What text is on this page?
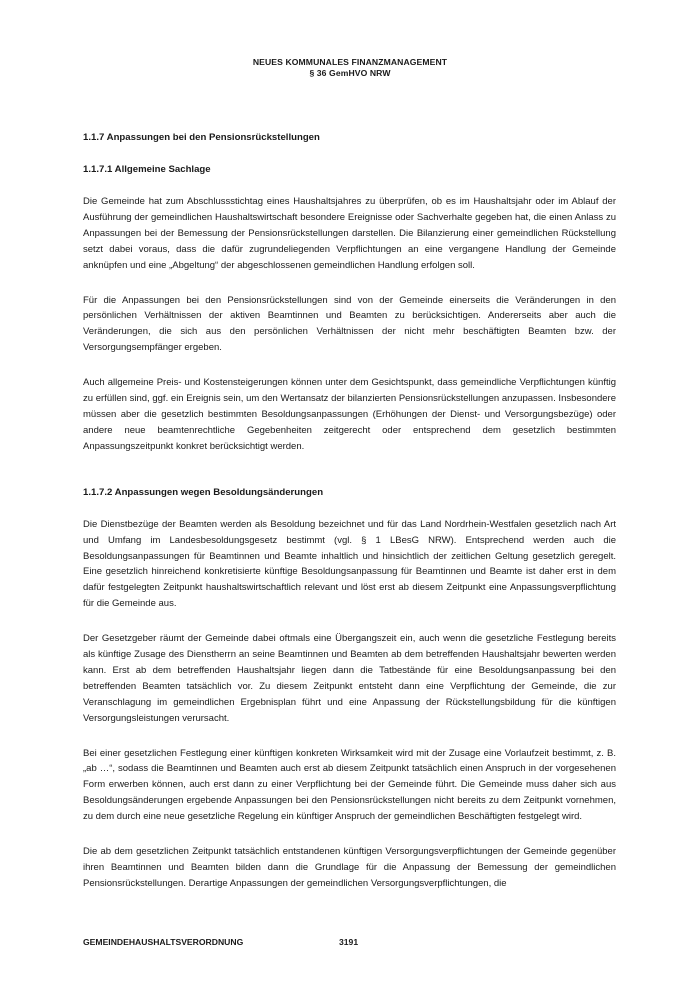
NEUES KOMMUNALES FINANZMANAGEMENT
§ 36 GemHVO NRW
1.1.7 Anpassungen bei den Pensionsrückstellungen
1.1.7.1 Allgemeine Sachlage

Die Gemeinde hat zum Abschlussstichtag eines Haushaltsjahres zu überprüfen, ob es im Haushaltsjahr oder im Ablauf der Ausführung der gemeindlichen Haushaltswirtschaft besondere Ereignisse oder Sachverhalte gegeben hat, die einen Anlass zu Anpassungen bei der Bemessung der Pensionsrückstellungen darstellen. Die Bilanzierung einer gemeindlichen Rückstellung setzt dabei voraus, dass die dafür zugrundeliegenden Verpflichtungen an eine vergangene Handlung der Gemeinde anknüpfen und eine „Abgeltung“ der abgeschlossenen gemeindlichen Handlung erfolgen soll.

Für die Anpassungen bei den Pensionsrückstellungen sind von der Gemeinde einerseits die Veränderungen in den persönlichen Verhältnissen der aktiven Beamtinnen und Beamten zu berücksichtigen. Andererseits aber auch die Veränderungen, die sich aus den persönlichen Verhältnissen der nicht mehr beschäftigten Beamten bzw. der Versorgungsempfänger ergeben.

Auch allgemeine Preis- und Kostensteigerungen können unter dem Gesichtspunkt, dass gemeindliche Verpflichtungen künftig zu erfüllen sind, ggf. ein Ereignis sein, um den Wertansatz der bilanzierten Pensionsrückstellungen anzupassen. Insbesondere müssen aber die gesetzlich bestimmten Besoldungsanpassungen (Erhöhungen der Dienst- und Versorgungsbezüge) oder andere neue beamtenrechtliche Gegebenheiten zeitgerecht oder entsprechend dem gesetzlich bestimmten Anpassungszeitpunkt konkret berücksichtigt werden.

1.1.7.2 Anpassungen wegen Besoldungsänderungen

Die Dienstbezüge der Beamten werden als Besoldung bezeichnet und für das Land Nordrhein-Westfalen gesetzlich nach Art und Umfang im Landesbesoldungsgesetz bestimmt (vgl. § 1 LBesG NRW). Entsprechend werden auch die Besoldungsanpassungen für Beamtinnen und Beamte inhaltlich und hinsichtlich der zeitlichen Geltung gesetzlich geregelt. Eine gesetzlich hinreichend konkretisierte künftige Besoldungsanpassung für Beamtinnen und Beamte ist daher erst in dem dafür festgelegten Zeitpunkt haushaltswirtschaftlich relevant und löst erst ab diesem Zeitpunkt eine Anpassungsverpflichtung für die Gemeinde aus.

Der Gesetzgeber räumt der Gemeinde dabei oftmals eine Übergangszeit ein, auch wenn die gesetzliche Festlegung bereits als künftige Zusage des Dienstherrn an seine Beamtinnen und Beamten ab dem betreffenden Haushaltsjahr bewerten werden kann. Erst ab dem betreffenden Haushaltsjahr liegen dann die Tatbestände für eine Besoldungsanpassung bei den betreffenden Beamten tatsächlich vor. Zu diesem Zeitpunkt entsteht dann eine Verpflichtung der Gemeinde, die zur Veranschlagung im gemeindlichen Ergebnisplan führt und eine Anpassung der Rückstellungsbildung für die künftigen Versorgungsleistungen verursacht.

Bei einer gesetzlichen Festlegung einer künftigen konkreten Wirksamkeit wird mit der Zusage eine Vorlaufzeit bestimmt, z. B. „ab …“, sodass die Beamtinnen und Beamten auch erst ab diesem Zeitpunkt tatsächlich einen Anspruch in der vorgesehenen Form erwerben können, auch erst dann zu einer Verpflichtung bei der Gemeinde führt. Die Gemeinde muss daher sich aus Besoldungsänderungen ergebende Anpassungen bei den Pensionsrückstellungen nicht bereits zu dem Zeitpunkt vornehmen, zu dem durch eine neue gesetzliche Regelung ein künftiger Anspruch der gemeindlichen Beschäftigten festgelegt wird.

Die ab dem gesetzlichen Zeitpunkt tatsächlich entstandenen künftigen Versorgungsverpflichtungen der Gemeinde gegenüber ihren Beamtinnen und Beamten bilden dann die Grundlage für die Anpassung der Bemessung der gemeindlichen Pensionsrückstellungen. Derartige Anpassungen der gemeindlichen Versorgungsverpflichtungen, die

GEMEINDEHAUSHALTSVERORDNUNG	3191
